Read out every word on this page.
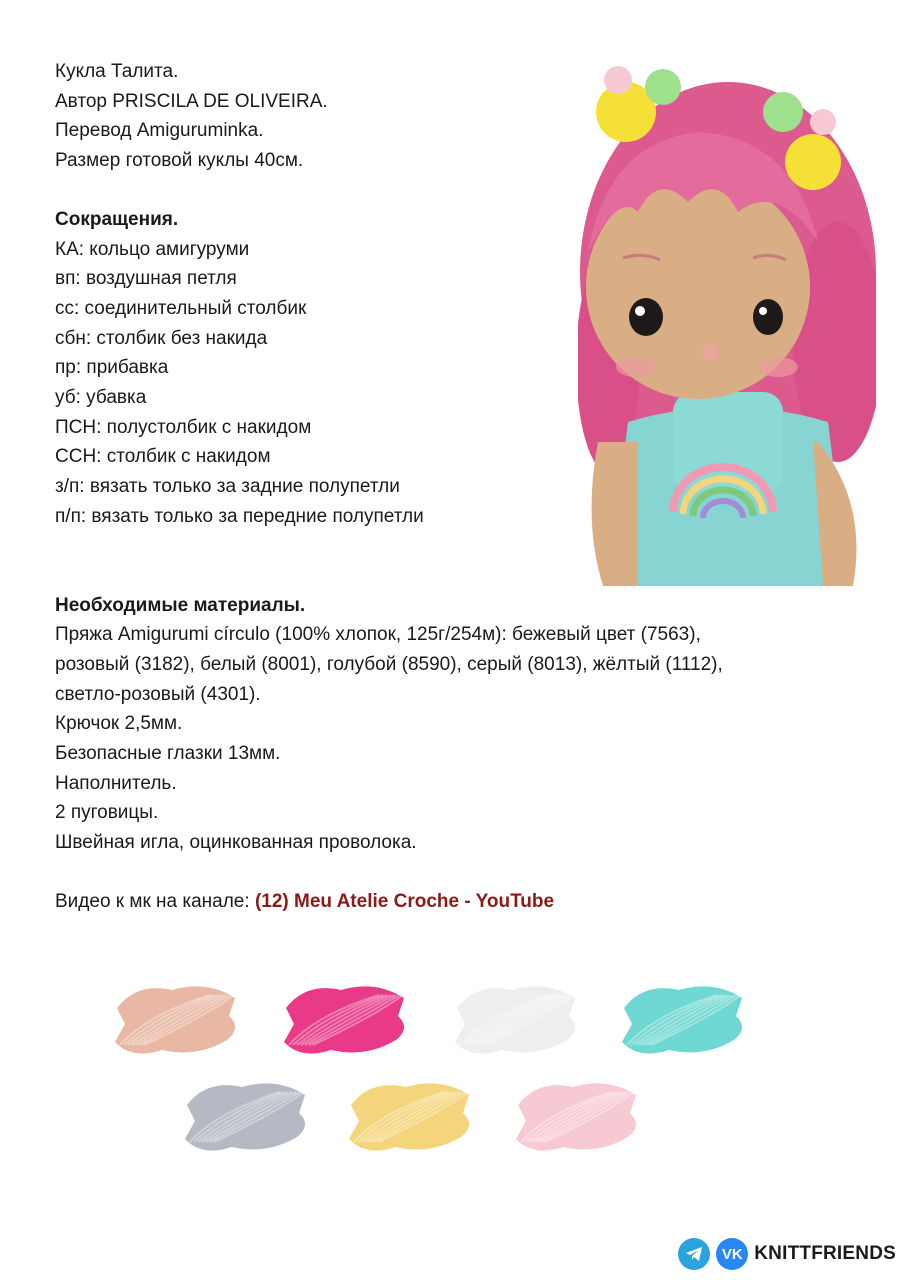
Кукла Талита.
Автор PRISCILA DE OLIVEIRA.
Перевод Amiguruminka.
Размер готовой куклы 40см.
Сокращения.
КА: кольцо амигуруми
вп: воздушная петля
сс: соединительный столбик
сбн: столбик без накида
пр: прибавка
уб: убавка
ПСН: полустолбик с накидом
ССН: столбик с накидом
з/п: вязать только за задние полупетли
п/п: вязать только за передние полупетли
Необходимые материалы.
Пряжа Amigurumi círculo (100% хлопок, 125г/254м): бежевый цвет (7563),
розовый (3182), белый (8001), голубой (8590), серый (8013), жёлтый (1112),
светло-розовый (4301).
Крючок 2,5мм.
Безопасные глазки 13мм.
Наполнитель.
2 пуговицы.
Швейная игла, оцинкованная проволока.
Видео к мк на канале: (12) Meu Atelie Croche - YouTube
VK KNITTFRIENDS
